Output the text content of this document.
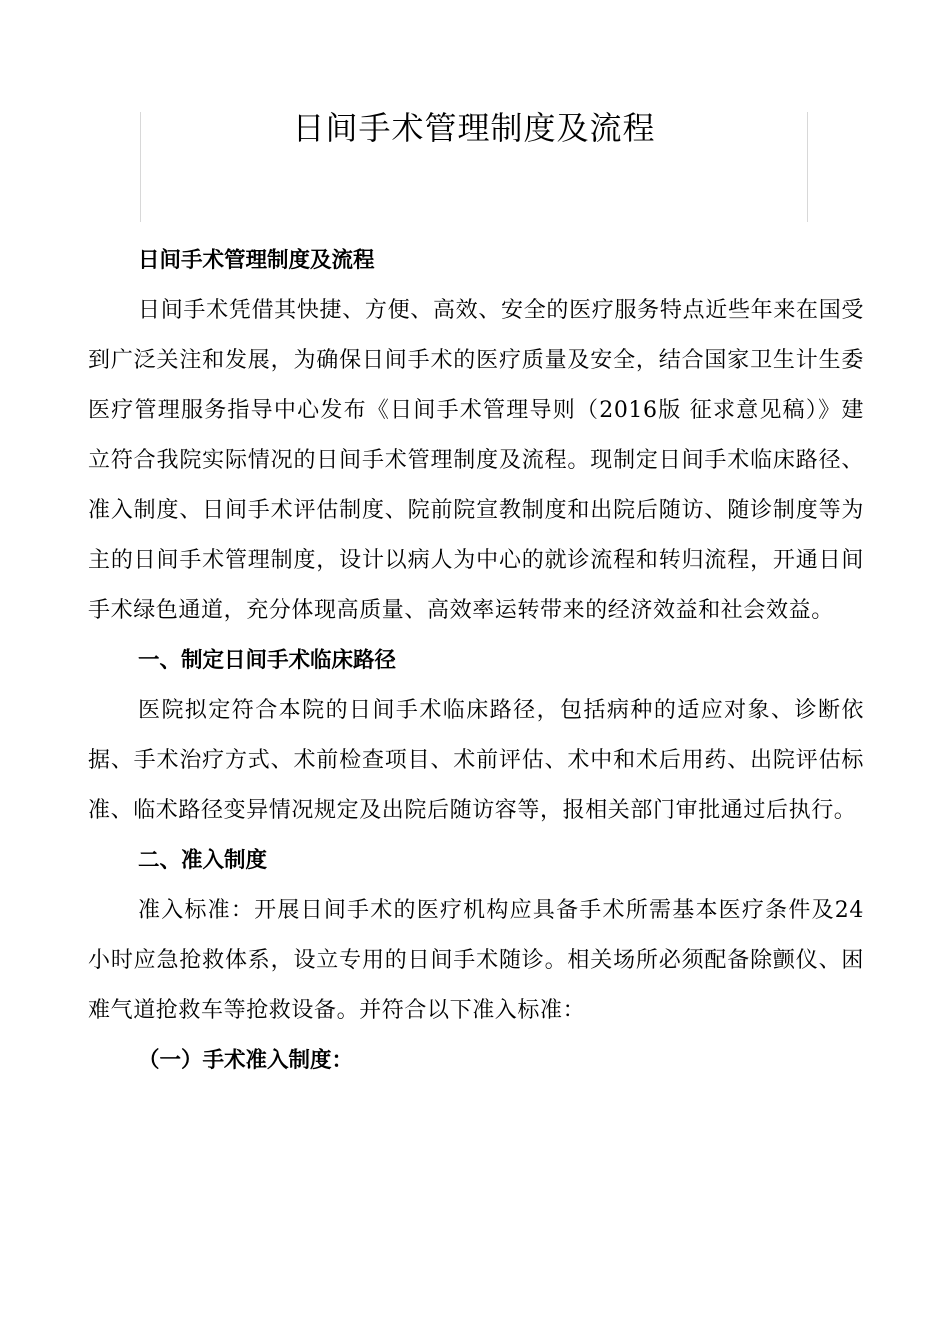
日间手术管理制度及流程

日间手术管理制度及流程

日间手术凭借其快捷、方便、高效、安全的医疗服务特点近些年来在国受到广泛关注和发展，为确保日间手术的医疗质量及安全，结合国家卫生计生委医疗管理服务指导中心发布《日间手术管理导则（2016版 征求意见稿）》建立符合我院实际情况的日间手术管理制度及流程。现制定日间手术临床路径、准入制度、日间手术评估制度、院前院宣教制度和出院后随访、随诊制度等为主的日间手术管理制度，设计以病人为中心的就诊流程和转归流程，开通日间手术绿色通道，充分体现高质量、高效率运转带来的经济效益和社会效益。

一、制定日间手术临床路径

医院拟定符合本院的日间手术临床路径，包括病种的适应对象、诊断依据、手术治疗方式、术前检查项目、术前评估、术中和术后用药、出院评估标准、临术路径变异情况规定及出院后随访容等，报相关部门审批通过后执行。

二、准入制度

准入标准：开展日间手术的医疗机构应具备手术所需基本医疗条件及24小时应急抢救体系，设立专用的日间手术随诊。相关场所必须配备除颤仪、困难气道抢救车等抢救设备。并符合以下准入标准：

（一）手术准入制度：
